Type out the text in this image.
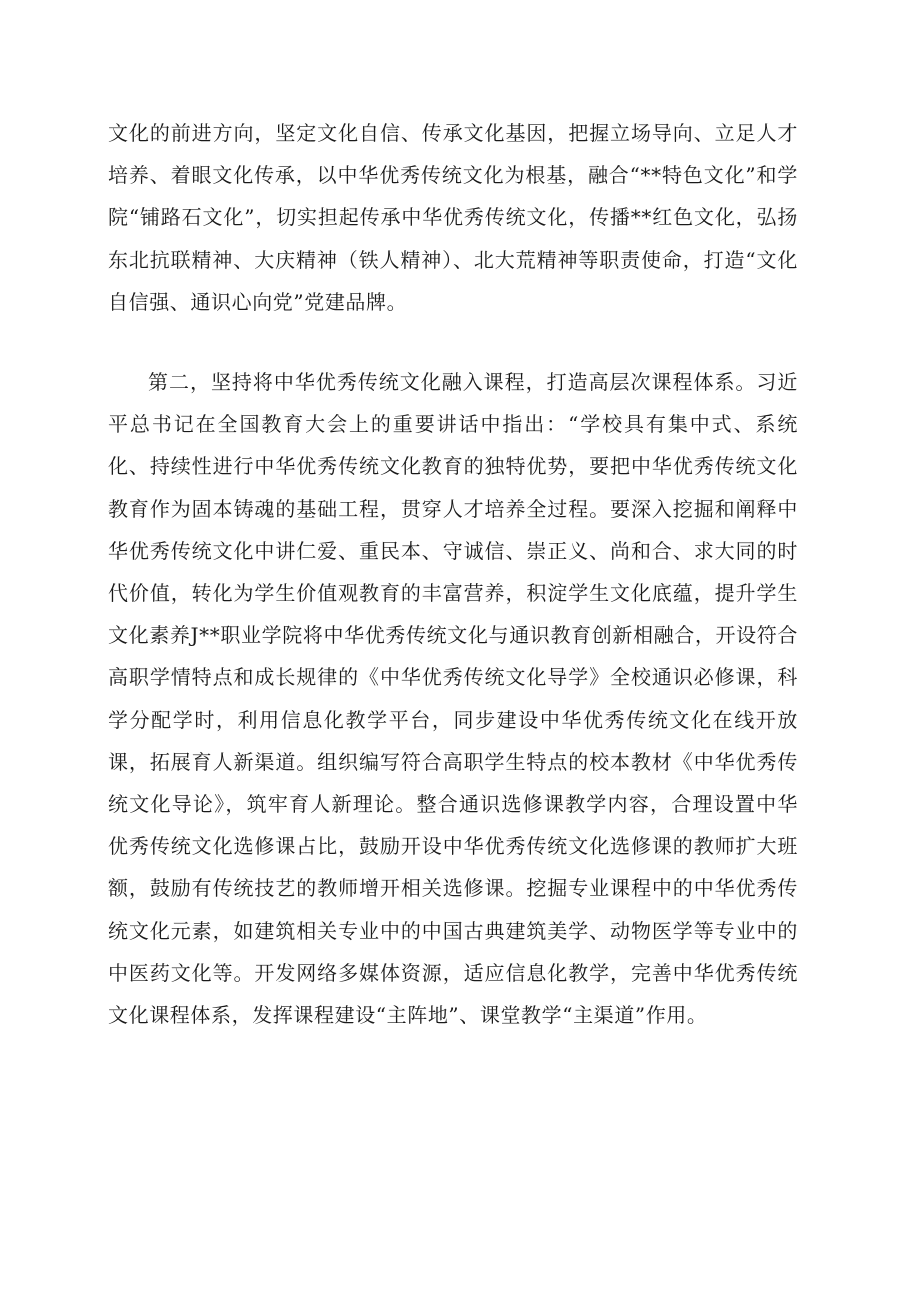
文化的前进方向，坚定文化自信、传承文化基因，把握立场导向、立足人才培养、着眼文化传承，以中华优秀传统文化为根基，融合“**特色文化”和学院“铺路石文化”，切实担起传承中华优秀传统文化，传播**红色文化，弘扬东北抗联精神、大庆精神（铁人精神）、北大荒精神等职责使命，打造“文化自信强、通识心向党”党建品牌。

第二，坚持将中华优秀传统文化融入课程，打造高层次课程体系。习近平总书记在全国教育大会上的重要讲话中指出：“学校具有集中式、系统化、持续性进行中华优秀传统文化教育的独特优势，要把中华优秀传统文化教育作为固本铸魂的基础工程，贯穿人才培养全过程。要深入挖掘和阐释中华优秀传统文化中讲仁爱、重民本、守诚信、崇正义、尚和合、求大同的时代价值，转化为学生价值观教育的丰富营养，积淀学生文化底蕴，提升学生文化素养J**职业学院将中华优秀传统文化与通识教育创新相融合，开设符合高职学情特点和成长规律的《中华优秀传统文化导学》全校通识必修课，科学分配学时，利用信息化教学平台，同步建设中华优秀传统文化在线开放课，拓展育人新渠道。组织编写符合高职学生特点的校本教材《中华优秀传统文化导论》，筑牢育人新理论。整合通识选修课教学内容，合理设置中华优秀传统文化选修课占比，鼓励开设中华优秀传统文化选修课的教师扩大班额，鼓励有传统技艺的教师增开相关选修课。挖掘专业课程中的中华优秀传统文化元素，如建筑相关专业中的中国古典建筑美学、动物医学等专业中的中医药文化等。开发网络多媒体资源，适应信息化教学，完善中华优秀传统文化课程体系，发挥课程建设“主阵地”、课堂教学“主渠道”作用。
